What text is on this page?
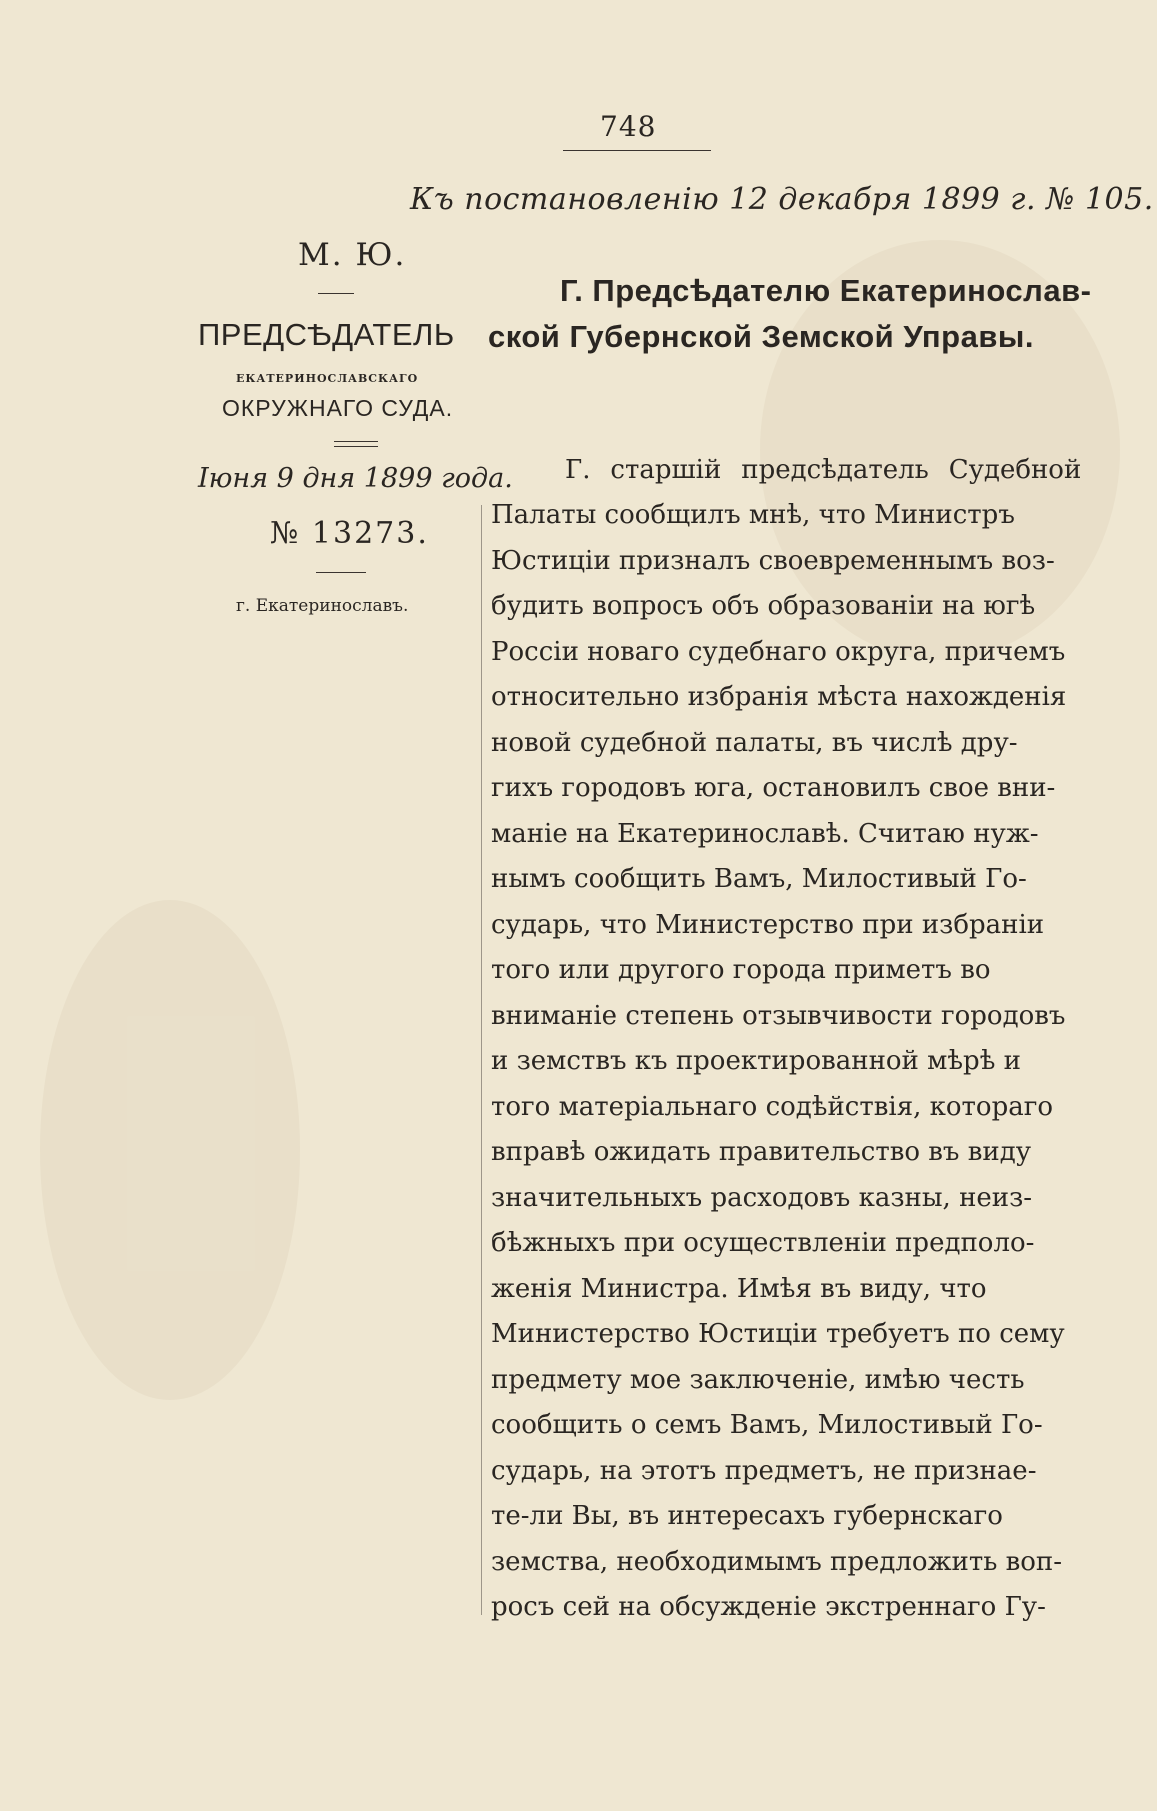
748
Къ постановленію 12 декабря 1899 г. № 105.
М. Ю.
Г. Предсѣдателю Екатеринослав-
ПРЕДСѢДАТЕЛЬ ской Губернской Земской Управы.
ЕКАТЕРИНОСЛАВСКАГО
ОКРУЖНАГО СУДА.
Іюня 9 дня 1899 года.
№ 13273.
г. Екатеринославъ.
Г. старшій предсѣдатель Судебной
Палаты сообщилъ мнѣ, что Министръ
Юстиціи призналъ своевременнымъ воз-
будить вопросъ объ образованіи на югѣ
Россіи новаго судебнаго округа, причемъ
относительно избранія мѣста нахожденія
новой судебной палаты, въ числѣ дру-
гихъ городовъ юга, остановилъ свое вни-
маніе на Екатеринославѣ. Считаю нуж-
нымъ сообщить Вамъ, Милостивый Го-
сударь, что Министерство при избраніи
того или другого города приметъ во
вниманіе степень отзывчивости городовъ
и земствъ къ проектированной мѣрѣ и
того матеріальнаго содѣйствія, котораго
вправѣ ожидать правительство въ виду
значительныхъ расходовъ казны, неиз-
бѣжныхъ при осуществленіи предполо-
женія Министра. Имѣя въ виду, что
Министерство Юстиціи требуетъ по сему
предмету мое заключеніе, имѣю честь
сообщить о семъ Вамъ, Милостивый Го-
сударь, на этотъ предметъ, не признае-
те-ли Вы, въ интересахъ губернскаго
земства, необходимымъ предложить воп-
росъ сей на обсужденіе экстреннаго Гу-
